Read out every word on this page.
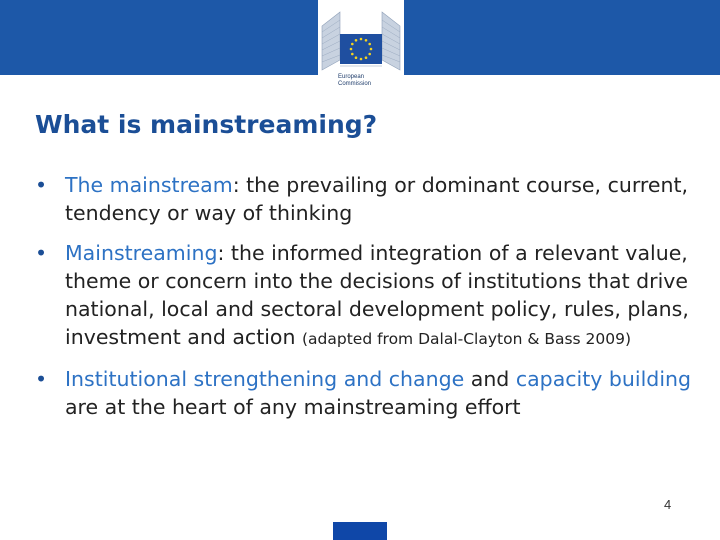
European
Commission
What is mainstreaming?
• The mainstream: the prevailing or dominant course, current, tendency or way of thinking
• Mainstreaming: the informed integration of a relevant value, theme or concern into the decisions of institutions that drive national, local and sectoral development policy, rules, plans, investment and action (adapted from Dalal-Clayton & Bass 2009)
• Institutional strengthening and change and capacity building are at the heart of any mainstreaming effort
4
